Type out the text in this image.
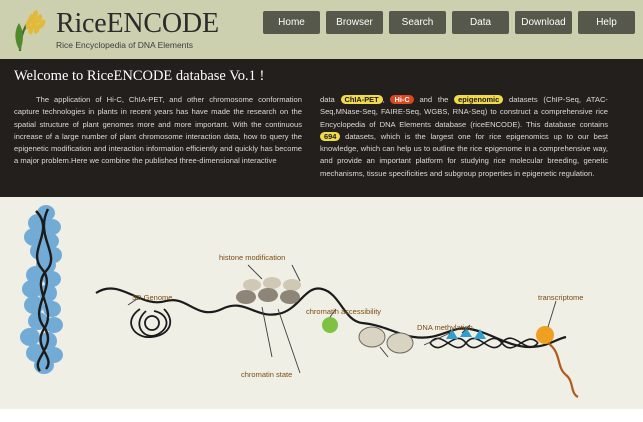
RiceENCODE
Rice Encyclopedia of DNA Elements
Home	Browser	Search	Data	Download	Help
Welcome to RiceENCODE database Vo.1 !
The application of Hi-C, ChIA-PET, and other chromosome conformation capture technologies in plants in recent years has have made the research on the spatial structure of plant genomes more and more important. With the continuous increase of a large number of plant chromosome interaction data, how to query the epigenetic modification and interaction information efficiently and quickly has become a major problem.Here we combine the published three-dimensional interactive
data ChIA-PET , Hi-C and the epigenomic datasets (ChIP-Seq, ATAC-Seq,MNase-Seq, FAIRE-Seq, WGBS, RNA-Seq) to construct a comprehensive rice Encyclopedia of DNA Elements database (riceENCODE). This database contains 694 datasets, which is the largest one for rice epigenomics up to our best knowledge, which can help us to outline the rice epigenome in a comprehensive way, and provide an important platform for studying rice molecular breeding, genetic mechanisms, tissue specificities and subgroup properties in epigenetic regulation.
3D Genome
histone modification
chromatin accessibility
chromatin state
DNA methylation
transcriptome
